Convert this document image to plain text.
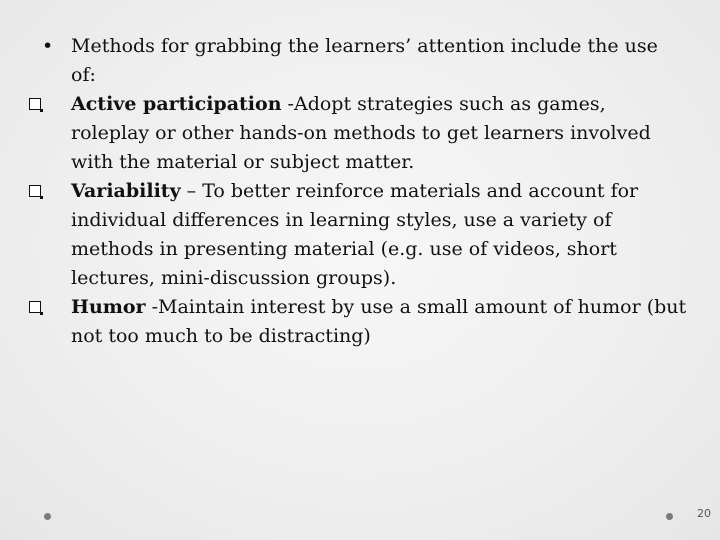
• Methods for grabbing the learners’ attention include the use of:

Active participation -Adopt strategies such as games, roleplay or other hands-on methods to get learners involved with the material or subject matter.

Variability – To better reinforce materials and account for individual differences in learning styles, use a variety of methods in presenting material (e.g. use of videos, short lectures, mini-discussion groups).

Humor -Maintain interest by use a small amount of humor (but not too much to be distracting)

20
